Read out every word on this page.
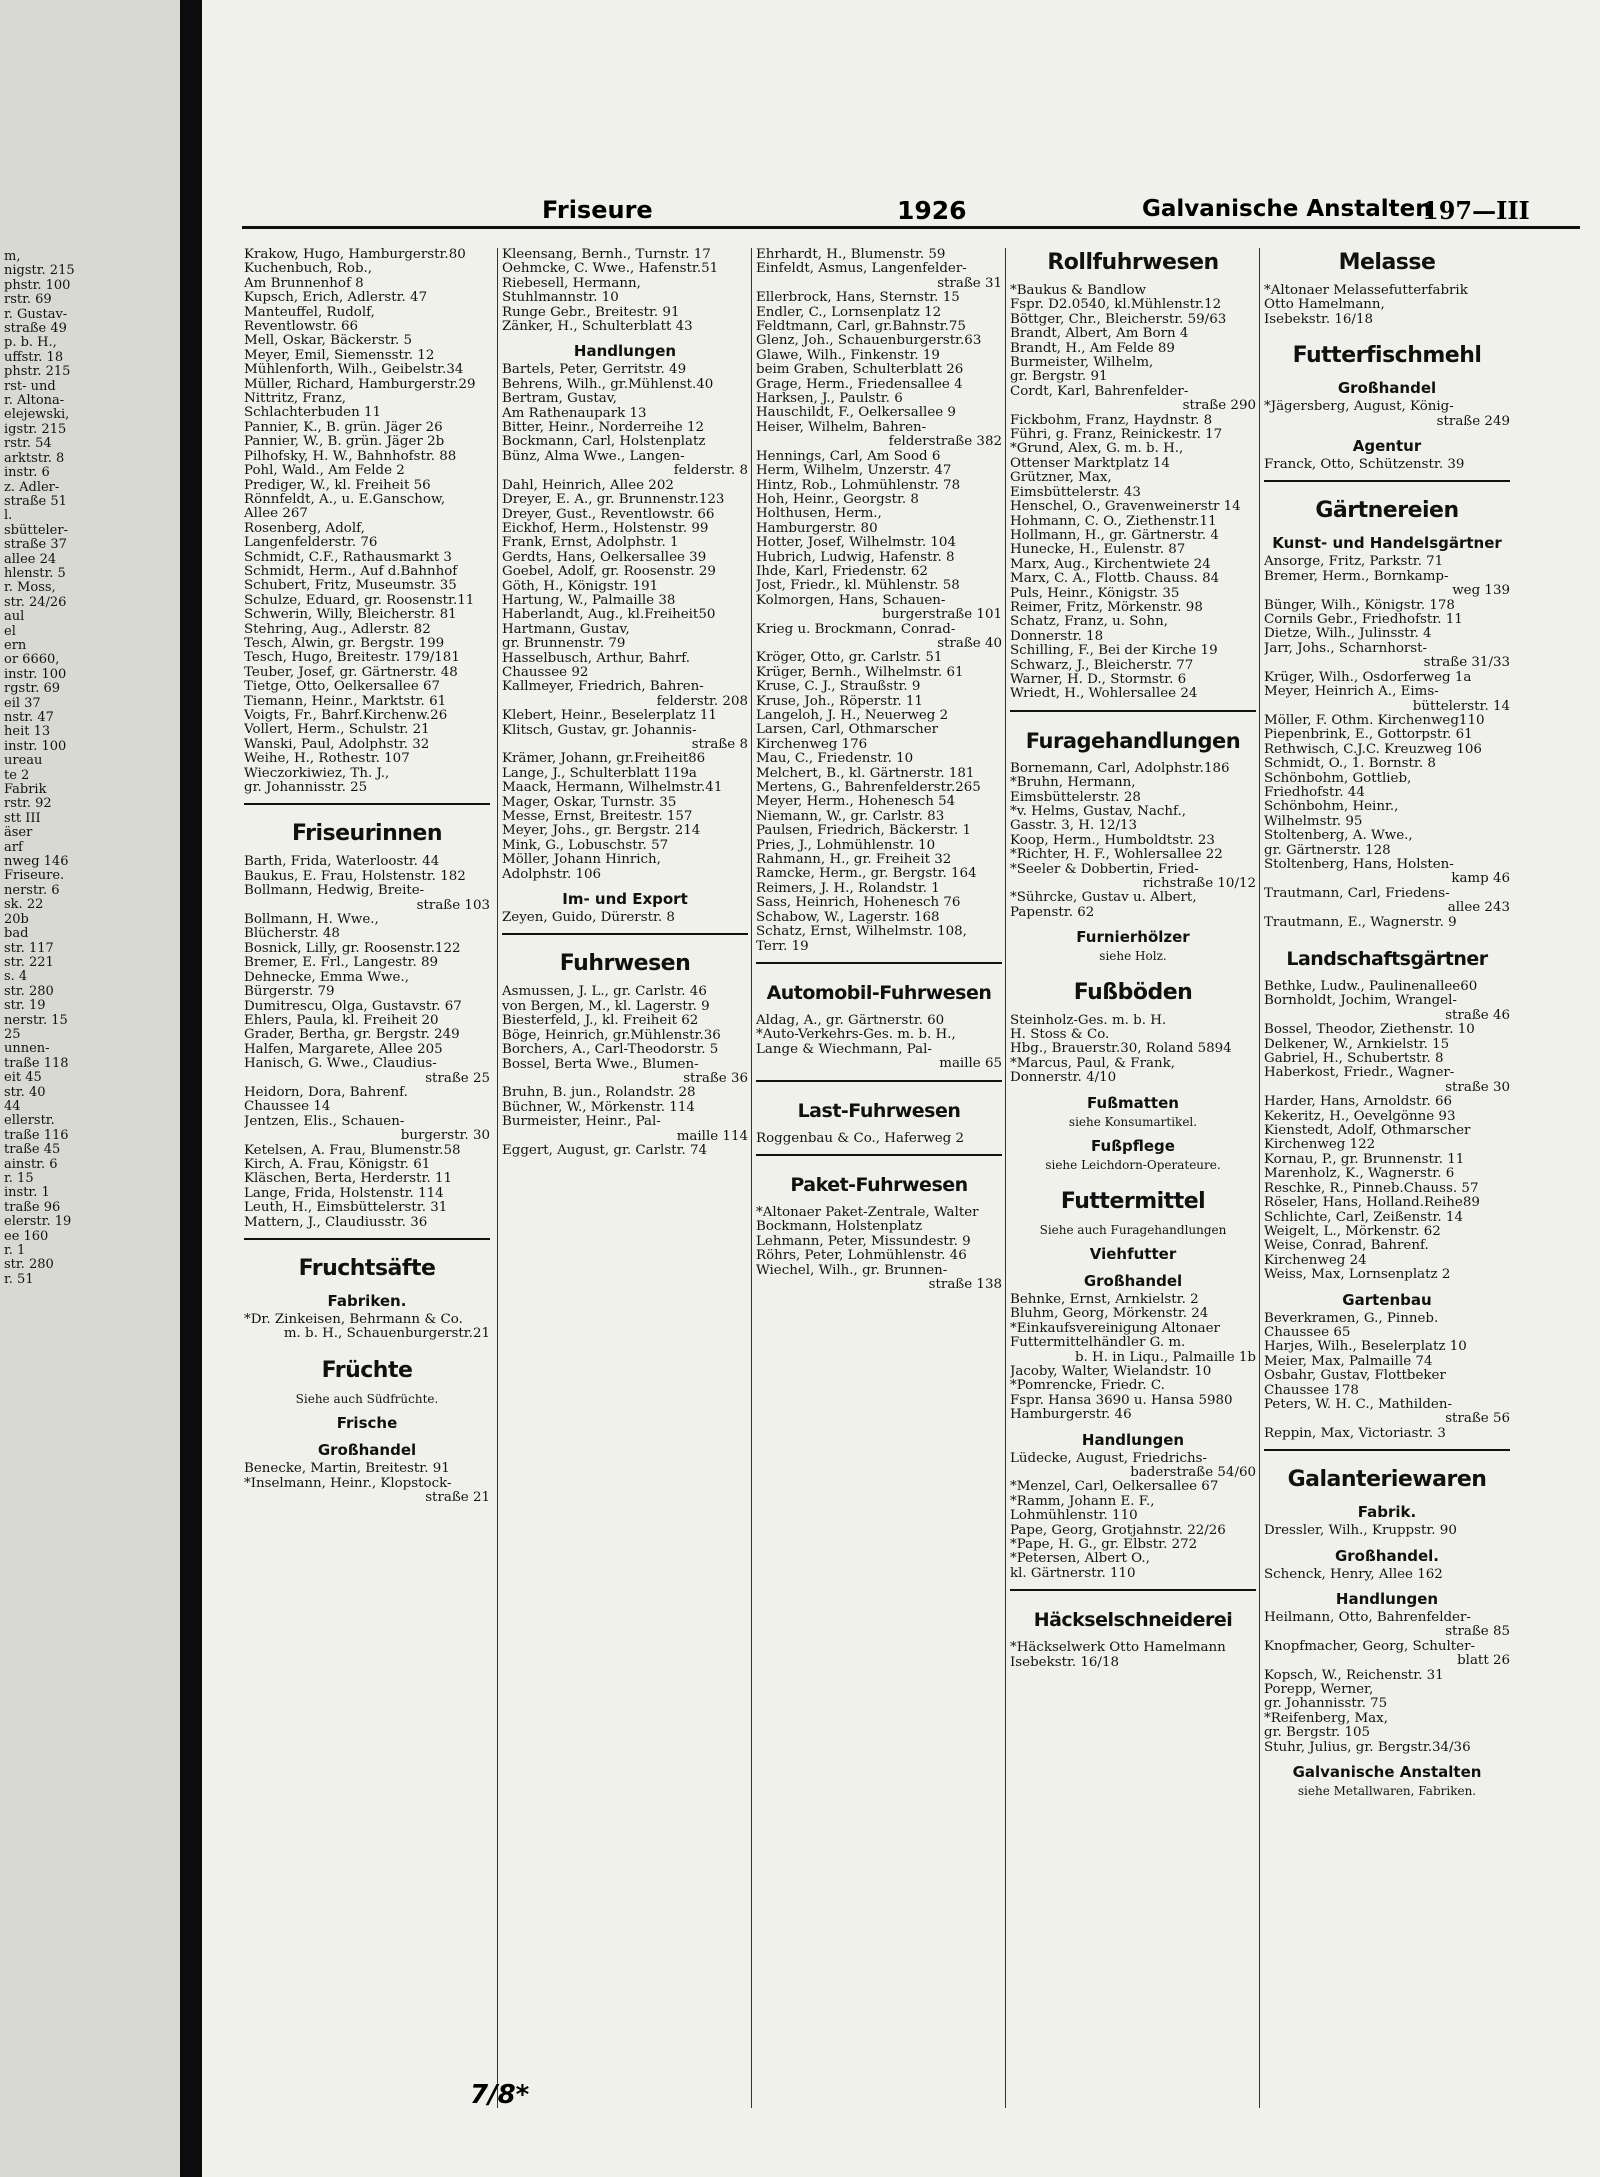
m,
nigstr. 215
phstr. 100
rstr. 69
r. Gustav-
straße 49
p. b. H.,
uffstr. 18
phstr. 215
rst- und
r. Altona-
elejewski,
igstr. 215
rstr. 54
arktstr. 8
instr. 6
z. Adler-
straße 51
l.
sbütteler-
straße 37
allee 24
hlenstr. 5
r. Moss,
str. 24/26
aul
el
ern
or 6660,
instr. 100
rgstr. 69
eil 37
nstr. 47
heit 13
instr. 100
ureau
te 2
Fabrik
rstr. 92
stt III
äser
arf
nweg 146
Friseure.
nerstr. 6
sk. 22
20b
bad
str. 117
str. 221
s. 4
str. 280
str. 19
nerstr. 15
25
unnen-
traße 118
eit 45
str. 40
44
ellerstr.
traße 116
traße 45
ainstr. 6
r. 15
instr. 1
traße 96
elerstr. 19
ee 160
r. 1
str. 280
r. 51
Friseure	1926	Galvanische Anstalten
197—III
Krakow, Hugo, Hamburgerstr.80
Kuchenbuch, Rob.,
Am Brunnenhof 8
Kupsch, Erich, Adlerstr. 47
Manteuffel, Rudolf,
Reventlowstr. 66
Mell, Oskar, Bäckerstr. 5
Meyer, Emil, Siemensstr. 12
Mühlenforth, Wilh., Geibelstr.34
Müller, Richard, Hamburgerstr.29
Nittritz, Franz,
Schlachterbuden 11
Pannier, K., B. grün. Jäger 26
Pannier, W., B. grün. Jäger 2b
Pilhofsky, H. W., Bahnhofstr. 88
Pohl, Wald., Am Felde 2
Prediger, W., kl. Freiheit 56
Rönnfeldt, A., u. E.Ganschow,
Allee 267
Rosenberg, Adolf,
Langenfelderstr. 76
Schmidt, C.F., Rathausmarkt 3
Schmidt, Herm., Auf d.Bahnhof
Schubert, Fritz, Museumstr. 35
Schulze, Eduard, gr. Roosenstr.11
Schwerin, Willy, Bleicherstr. 81
Stehring, Aug., Adlerstr. 82
Tesch, Alwin, gr. Bergstr. 199
Tesch, Hugo, Breitestr. 179/181
Teuber, Josef, gr. Gärtnerstr. 48
Tietge, Otto, Oelkersallee 67
Tiemann, Heinr., Marktstr. 61
Voigts, Fr., Bahrf.Kirchenw.26
Vollert, Herm., Schulstr. 21
Wanski, Paul, Adolphstr. 32
Weihe, H., Rothestr. 107
Wieczorkiwiez, Th. J.,
gr. Johannisstr. 25
Friseurinnen
Barth, Frida, Waterloostr. 44
Baukus, E. Frau, Holstenstr. 182
Bollmann, Hedwig, Breite-
straße 103
Bollmann, H. Wwe.,
Blücherstr. 48
Bosnick, Lilly, gr. Roosenstr.122
Bremer, E. Frl., Langestr. 89
Dehnecke, Emma Wwe.,
Bürgerstr. 79
Dumitrescu, Olga, Gustavstr. 67
Ehlers, Paula, kl. Freiheit 20
Grader, Bertha, gr. Bergstr. 249
Halfen, Margarete, Allee 205
Hanisch, G. Wwe., Claudius-
straße 25
Heidorn, Dora, Bahrenf.
Chaussee 14
Jentzen, Elis., Schauen-
burgerstr. 30
Ketelsen, A. Frau, Blumenstr.58
Kirch, A. Frau, Königstr. 61
Kläschen, Berta, Herderstr. 11
Lange, Frida, Holstenstr. 114
Leuth, H., Eimsbüttelerstr. 31
Mattern, J., Claudiusstr. 36
Fruchtsäfte
Fabriken.
*Dr. Zinkeisen, Behrmann & Co.
m. b. H., Schauenburgerstr.21
Früchte
Siehe auch Südfrüchte.
Frische
Großhandel
Benecke, Martin, Breitestr. 91
*Inselmann, Heinr., Klopstock-
straße 21
Kleensang, Bernh., Turnstr. 17
Oehmcke, C. Wwe., Hafenstr.51
Riebesell, Hermann,
Stuhlmannstr. 10
Runge Gebr., Breitestr. 91
Zänker, H., Schulterblatt 43
Handlungen
Bartels, Peter, Gerritstr. 49
Behrens, Wilh., gr.Mühlenst.40
Bertram, Gustav,
Am Rathenaupark 13
Bitter, Heinr., Norderreihe 12
Bockmann, Carl, Holstenplatz
Bünz, Alma Wwe., Langen-
felderstr. 8
Dahl, Heinrich, Allee 202
Dreyer, E. A., gr. Brunnenstr.123
Dreyer, Gust., Reventlowstr. 66
Eickhof, Herm., Holstenstr. 99
Frank, Ernst, Adolphstr. 1
Gerdts, Hans, Oelkersallee 39
Goebel, Adolf, gr. Roosenstr. 29
Göth, H., Königstr. 191
Hartung, W., Palmaille 38
Haberlandt, Aug., kl.Freiheit50
Hartmann, Gustav,
gr. Brunnenstr. 79
Hasselbusch, Arthur, Bahrf.
Chaussee 92
Kallmeyer, Friedrich, Bahren-
felderstr. 208
Klebert, Heinr., Beselerplatz 11
Klitsch, Gustav, gr. Johannis-
straße 8
Krämer, Johann, gr.Freiheit86
Lange, J., Schulterblatt 119a
Maack, Hermann, Wilhelmstr.41
Mager, Oskar, Turnstr. 35
Messe, Ernst, Breitestr. 157
Meyer, Johs., gr. Bergstr. 214
Mink, G., Lobuschstr. 57
Möller, Johann Hinrich,
Adolphstr. 106
Im- und Export
Zeyen, Guido, Dürerstr. 8
Fuhrwesen
Asmussen, J. L., gr. Carlstr. 46
von Bergen, M., kl. Lagerstr. 9
Biesterfeld, J., kl. Freiheit 62
Böge, Heinrich, gr.Mühlenstr.36
Borchers, A., Carl-Theodorstr. 5
Bossel, Berta Wwe., Blumen-
straße 36
Bruhn, B. jun., Rolandstr. 28
Büchner, W., Mörkenstr. 114
Burmeister, Heinr., Pal-
maille 114
Eggert, August, gr. Carlstr. 74
Ehrhardt, H., Blumenstr. 59
Einfeldt, Asmus, Langenfelder-
straße 31
Ellerbrock, Hans, Sternstr. 15
Endler, C., Lornsenplatz 12
Feldtmann, Carl, gr.Bahnstr.75
Glenz, Joh., Schauenburgerstr.63
Glawe, Wilh., Finkenstr. 19
beim Graben, Schulterblatt 26
Grage, Herm., Friedensallee 4
Harksen, J., Paulstr. 6
Hauschildt, F., Oelkersallee 9
Heiser, Wilhelm, Bahren-
felderstraße 382
Hennings, Carl, Am Sood 6
Herm, Wilhelm, Unzerstr. 47
Hintz, Rob., Lohmühlenstr. 78
Hoh, Heinr., Georgstr. 8
Holthusen, Herm.,
Hamburgerstr. 80
Hotter, Josef, Wilhelmstr. 104
Hubrich, Ludwig, Hafenstr. 8
Ihde, Karl, Friedenstr. 62
Jost, Friedr., kl. Mühlenstr. 58
Kolmorgen, Hans, Schauen-
burgerstraße 101
Krieg u. Brockmann, Conrad-
straße 40
Kröger, Otto, gr. Carlstr. 51
Krüger, Bernh., Wilhelmstr. 61
Kruse, C. J., Straußstr. 9
Kruse, Joh., Röperstr. 11
Langeloh, J. H., Neuerweg 2
Larsen, Carl, Othmarscher
Kirchenweg 176
Mau, C., Friedenstr. 10
Melchert, B., kl. Gärtnerstr. 181
Mertens, G., Bahrenfelderstr.265
Meyer, Herm., Hohenesch 54
Niemann, W., gr. Carlstr. 83
Paulsen, Friedrich, Bäckerstr. 1
Pries, J., Lohmühlenstr. 10
Rahmann, H., gr. Freiheit 32
Ramcke, Herm., gr. Bergstr. 164
Reimers, J. H., Rolandstr. 1
Sass, Heinrich, Hohenesch 76
Schabow, W., Lagerstr. 168
Schatz, Ernst, Wilhelmstr. 108,
Terr. 19
Automobil-Fuhrwesen
Aldag, A., gr. Gärtnerstr. 60
*Auto-Verkehrs-Ges. m. b. H.,
Lange & Wiechmann, Pal-
maille 65
Last-Fuhrwesen
Roggenbau & Co., Haferweg 2
Paket-Fuhrwesen
*Altonaer Paket-Zentrale, Walter
Bockmann, Holstenplatz
Lehmann, Peter, Missundestr. 9
Röhrs, Peter, Lohmühlenstr. 46
Wiechel, Wilh., gr. Brunnen-
straße 138
Rollfuhrwesen
*Baukus & Bandlow
Fspr. D2.0540, kl.Mühlenstr.12
Böttger, Chr., Bleicherstr. 59/63
Brandt, Albert, Am Born 4
Brandt, H., Am Felde 89
Burmeister, Wilhelm,
gr. Bergstr. 91
Cordt, Karl, Bahrenfelder-
straße 290
Fickbohm, Franz, Haydnstr. 8
Führi, g. Franz, Reinickestr. 17
*Grund, Alex, G. m. b. H.,
Ottenser Marktplatz 14
Grützner, Max,
Eimsbüttelerstr. 43
Henschel, O., Gravenweinerstr 14
Hohmann, C. O., Ziethenstr.11
Hollmann, H., gr. Gärtnerstr. 4
Hunecke, H., Eulenstr. 87
Marx, Aug., Kirchentwiete 24
Marx, C. A., Flottb. Chauss. 84
Puls, Heinr., Königstr. 35
Reimer, Fritz, Mörkenstr. 98
Schatz, Franz, u. Sohn,
Donnerstr. 18
Schilling, F., Bei der Kirche 19
Schwarz, J., Bleicherstr. 77
Warner, H. D., Stormstr. 6
Wriedt, H., Wohlersallee 24
Furagehandlungen
Bornemann, Carl, Adolphstr.186
*Bruhn, Hermann,
Eimsbüttelerstr. 28
*v. Helms, Gustav, Nachf.,
Gasstr. 3, H. 12/13
Koop, Herm., Humboldtstr. 23
*Richter, H. F., Wohlersallee 22
*Seeler & Dobbertin, Fried-
richstraße 10/12
*Sührcke, Gustav u. Albert,
Papenstr. 62
Furnierhölzer
siehe Holz.
Fußböden
Steinholz-Ges. m. b. H.
H. Stoss & Co.
Hbg., Brauerstr.30, Roland 5894
*Marcus, Paul, & Frank,
Donnerstr. 4/10
Fußmatten
siehe Konsumartikel.
Fußpflege
siehe Leichdorn-Operateure.
Futtermittel
Siehe auch Furagehandlungen
Viehfutter
Großhandel
Behnke, Ernst, Arnkielstr. 2
Bluhm, Georg, Mörkenstr. 24
*Einkaufsvereinigung Altonaer
Futtermittelhändler G. m.
b. H. in Liqu., Palmaille 1b
Jacoby, Walter, Wielandstr. 10
*Pomrencke, Friedr. C.
Fspr. Hansa 3690 u. Hansa 5980
Hamburgerstr. 46
Handlungen
Lüdecke, August, Friedrichs-
baderstraße 54/60
*Menzel, Carl, Oelkersallee 67
*Ramm, Johann E. F.,
Lohmühlenstr. 110
Pape, Georg, Grotjahnstr. 22/26
*Pape, H. G., gr. Elbstr. 272
*Petersen, Albert O.,
kl. Gärtnerstr. 110
Häckselschneiderei
*Häckselwerk Otto Hamelmann
Isebekstr. 16/18
Melasse
*Altonaer Melassefutterfabrik
Otto Hamelmann,
Isebekstr. 16/18
Futterfischmehl
Großhandel
*Jägersberg, August, König-
straße 249
Agentur
Franck, Otto, Schützenstr. 39
Gärtnereien
Kunst- und Handelsgärtner
Ansorge, Fritz, Parkstr. 71
Bremer, Herm., Bornkamp-
weg 139
Bünger, Wilh., Königstr. 178
Cornils Gebr., Friedhofstr. 11
Dietze, Wilh., Julinsstr. 4
Jarr, Johs., Scharnhorst-
straße 31/33
Krüger, Wilh., Osdorferweg 1a
Meyer, Heinrich A., Eims-
büttelerstr. 14
Möller, F. Othm. Kirchenweg110
Piepenbrink, E., Gottorpstr. 61
Rethwisch, C.J.C. Kreuzweg 106
Schmidt, O., 1. Bornstr. 8
Schönbohm, Gottlieb,
Friedhofstr. 44
Schönbohm, Heinr.,
Wilhelmstr. 95
Stoltenberg, A. Wwe.,
gr. Gärtnerstr. 128
Stoltenberg, Hans, Holsten-
kamp 46
Trautmann, Carl, Friedens-
allee 243
Trautmann, E., Wagnerstr. 9
Landschaftsgärtner
Bethke, Ludw., Paulinenallee60
Bornholdt, Jochim, Wrangel-
straße 46
Bossel, Theodor, Ziethenstr. 10
Delkener, W., Arnkielstr. 15
Gabriel, H., Schubertstr. 8
Haberkost, Friedr., Wagner-
straße 30
Harder, Hans, Arnoldstr. 66
Kekeritz, H., Oevelgönne 93
Kienstedt, Adolf, Othmarscher
Kirchenweg 122
Kornau, P., gr. Brunnenstr. 11
Marenholz, K., Wagnerstr. 6
Reschke, R., Pinneb.Chauss. 57
Röseler, Hans, Holland.Reihe89
Schlichte, Carl, Zeißenstr. 14
Weigelt, L., Mörkenstr. 62
Weise, Conrad, Bahrenf.
Kirchenweg 24
Weiss, Max, Lornsenplatz 2
Gartenbau
Beverkramen, G., Pinneb.
Chaussee 65
Harjes, Wilh., Beselerplatz 10
Meier, Max, Palmaille 74
Osbahr, Gustav, Flottbeker
Chaussee 178
Peters, W. H. C., Mathilden-
straße 56
Reppin, Max, Victoriastr. 3
Galanteriewaren
Fabrik.
Dressler, Wilh., Kruppstr. 90
Großhandel.
Schenck, Henry, Allee 162
Handlungen
Heilmann, Otto, Bahrenfelder-
straße 85
Knopfmacher, Georg, Schulter-
blatt 26
Kopsch, W., Reichenstr. 31
Porepp, Werner,
gr. Johannisstr. 75
*Reifenberg, Max,
gr. Bergstr. 105
Stuhr, Julius, gr. Bergstr.34/36
Galvanische Anstalten
siehe Metallwaren, Fabriken.
7/8*
